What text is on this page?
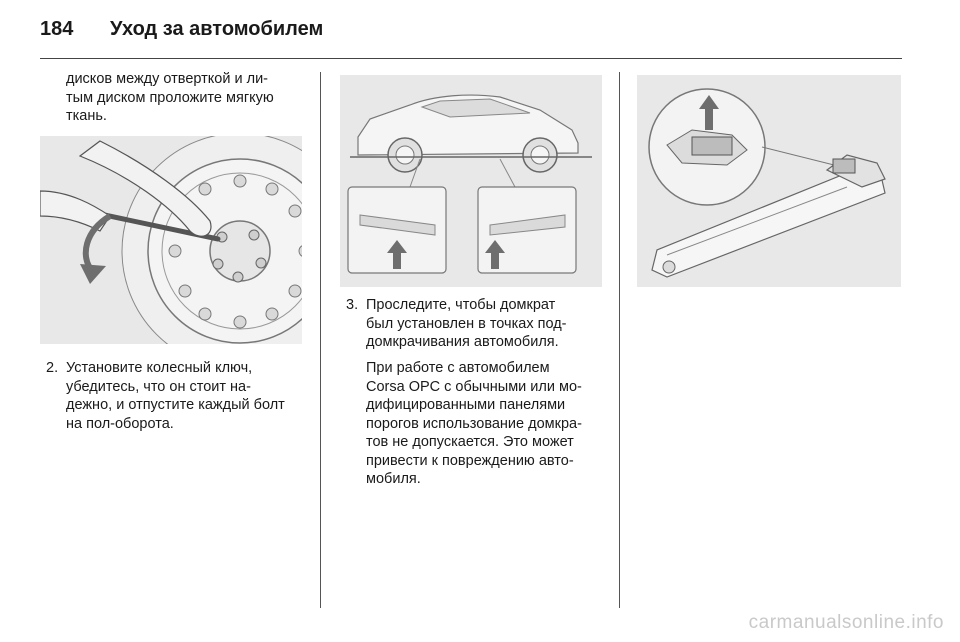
184 Уход за автомобилем
дисков между отверткой и ли-
тым диском проложите мягкую
ткань.
2. Установите колесный ключ,
убедитесь, что он стоит на-
дежно, и отпустите каждый болт
на пол-оборота.
3. Проследите, чтобы домкрат
был установлен в точках под-
домкрачивания автомобиля.
При работе с автомобилем
Corsa OPC с обычными или мо-
дифицированными панелями
порогов использование домкра-
тов не допускается. Это может
привести к повреждению авто-
мобиля.
carmanualsonline.info
